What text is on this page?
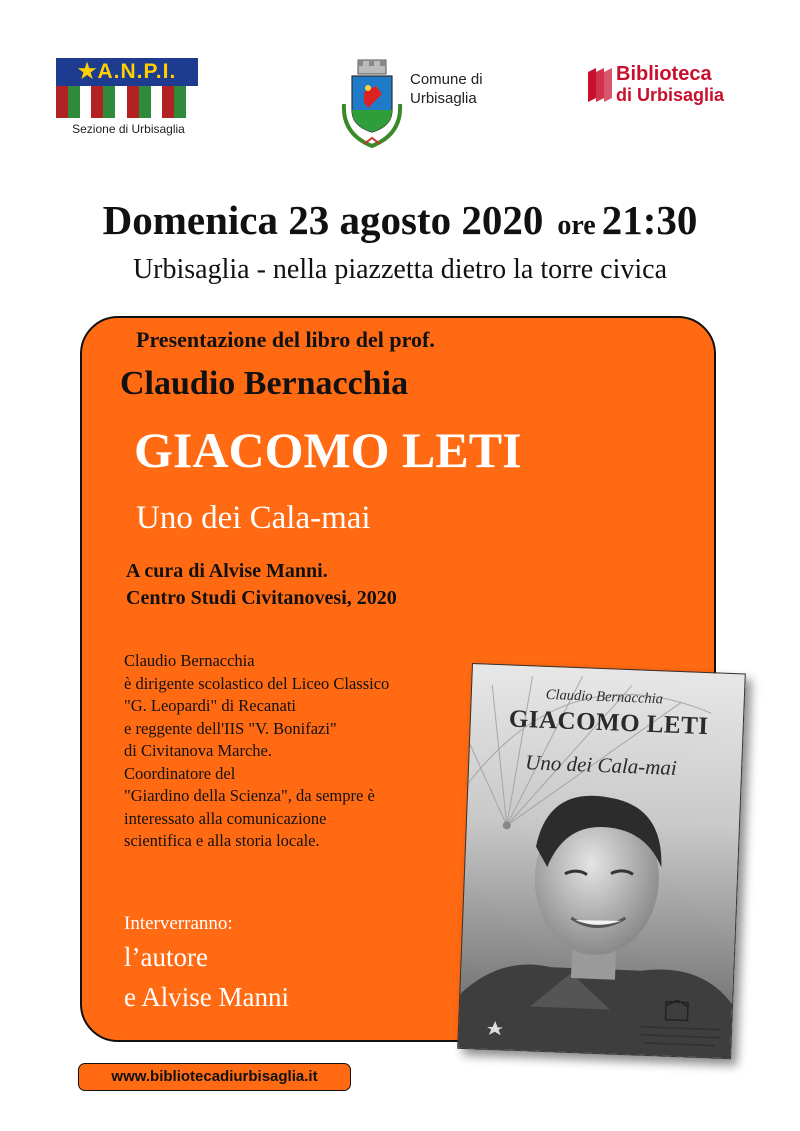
★A.N.P.I.
Sezione di Urbisaglia
Comune di
Urbisaglia
Biblioteca
di Urbisaglia
Domenica 23 agosto 2020 ore 21:30
Urbisaglia - nella piazzetta dietro la torre civica
Presentazione del libro del prof.
Claudio Bernacchia
GIACOMO LETI
Uno dei Cala-mai
A cura di Alvise Manni.
Centro Studi Civitanovesi, 2020
Claudio Bernacchia
è dirigente scolastico del Liceo Classico
"G. Leopardi" di Recanati
e reggente dell'IIS "V. Bonifazi"
di Civitanova Marche.
Coordinatore del
"Giardino della Scienza", da sempre è
interessato alla comunicazione
scientifica e alla storia locale.
Interverranno:
l’autore
e Alvise Manni
Claudio Bernacchia
GIACOMO LETI
Uno dei Cala-mai
www.bibliotecadiurbisaglia.it
